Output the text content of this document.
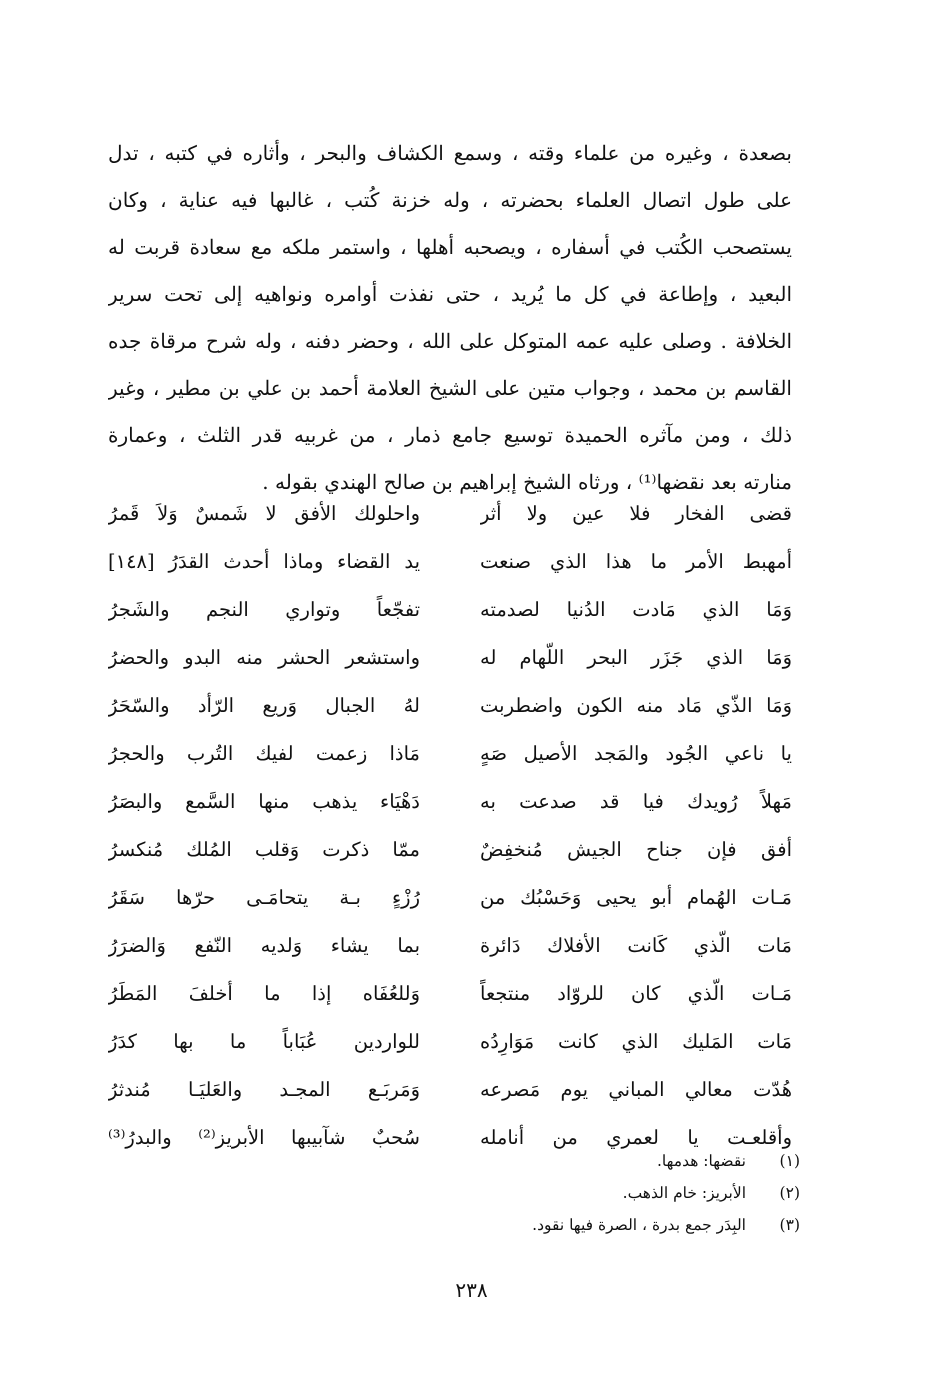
بصعدة ، وغيره من علماء وقته ، وسمع الكشاف والبحر ، وأثاره في كتبه ، تدل
على طول اتصال العلماء بحضرته ، وله خزنة كُتب ، غالبها فيه عناية ، وكان
يستصحب الكُتب في أسفاره ، ويصحبه أهلها ، واستمر ملكه مع سعادة قربت له
البعيد ، وإطاعة في كل ما يُريد ، حتى نفذت أوامره ونواهيه إلى تحت سرير
الخلافة . وصلى عليه عمه المتوكل على الله ، وحضر دفنه ، وله شرح مرقاة جده
القاسم بن محمد ، وجواب متين على الشيخ العلامة أحمد بن علي بن مطير ، وغير
ذلك ، ومن مآثره الحميدة توسيع جامع ذمار ، من غربيه قدر الثلث ، وعمارة
منارته بعد نقضها⁽¹⁾ ، ورثاه الشيخ إبراهيم بن صالح الهندي بقوله .
قضى الفخار فلا عين ولا أثر
واحلولك الأفق لا شَمسٌ وَلاَ قَمرُ
أمهبط الأمر ما هذا الذي صنعت
يد القضاء وماذا أحدث القدَرُ [١٤٨]
وَمَا الذي مَادت الدُنيا لصدمته
تفجّعاً وتواري النجم والشَجرُ
وَمَا الذي جَزَر البحر اللّهام له
واستشعر الحشر منه البدو والحضرُ
وَمَا الذّي مَاد منه الكون واضطربت
لهُ الجبال وَريع الرّأد والسّحَرُ
يا ناعي الجُود والمَجد الأصيل صَهٍ
مَاذا زعمت لفيك التُرب والحجرُ
مَهلاً رُويدك فيا قد صدعت به
دَهْيَاء يذهب منها السَّمع والبصَرُ
أفق فإن جناح الجيش مُنخفِضٌ
ممّا ذكرت وَقلب المُلك مُنكسرُ
مَـات الهُمام أبو يحيى وَحَسْبُك من
رُزْءٍ بـة يتحامَـى حرّها سَقَرُ
مَات الّذي كَانت الأفلاك دَائرة
بما يشاء وَلديه النّفع وَالضرَرُ
مَـات الّذي كان للروّاد منتجعاً
وَللعُفَاه إذا ما أخلفَ المَطَرُ
مَات المَليك الذي كانت مَوَارِدُه
للواردين عُبَاباً ما بها كدَرُ
هُدّت معالي المباني يوم مَصرعه
وَمَربَـع المجـد والعَليَـا مُندثرُ
وأقلعـت يا لعمري من أنامله
سُحبٌ شآبيبها الأبريز⁽²⁾ والبدرُ⁽³⁾
(١)
نقضها: هدمها.
(٢)
الأبريز: خام الذهب.
(٣)
البِدَر جمع بدرة ، الصرة فيها نقود.
٢٣٨
